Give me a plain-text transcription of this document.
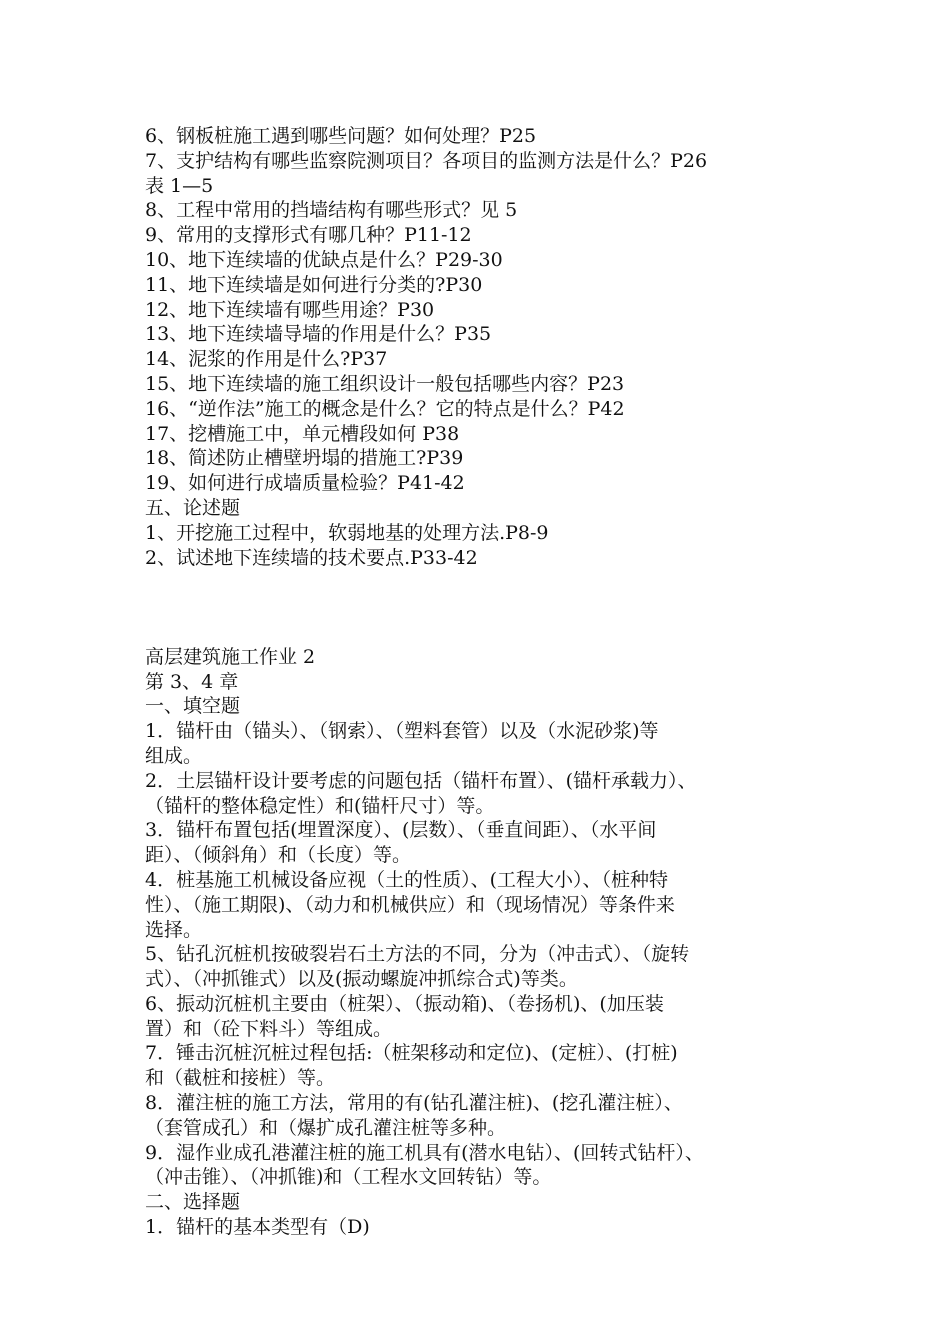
6、钢板桩施工遇到哪些问题？如何处理？P25
7、支护结构有哪些监察院测项目？各项目的监测方法是什么？P26
表 1—5
8、工程中常用的挡墙结构有哪些形式？见 5
9、常用的支撑形式有哪几种？P11-12
10、地下连续墙的优缺点是什么？P29-30
11、地下连续墙是如何进行分类的?P30
12、地下连续墙有哪些用途？P30
13、地下连续墙导墙的作用是什么？P35
14、泥浆的作用是什么?P37
15、地下连续墙的施工组织设计一般包括哪些内容？P23
16、“逆作法”施工的概念是什么？它的特点是什么？P42
17、挖槽施工中，单元槽段如何 P38
18、简述防止槽壁坍塌的措施工?P39
19、如何进行成墙质量检验？P41-42
五、论述题
1、开挖施工过程中，软弱地基的处理方法.P8-9
2、试述地下连续墙的技术要点.P33-42
高层建筑施工作业 2
第 3、4 章
一、填空题
1．锚杆由（锚头）、（钢索）、（塑料套管）以及（水泥砂浆)等
组成。
2．土层锚杆设计要考虑的问题包括（锚杆布置）、(锚杆承载力）、
（锚杆的整体稳定性）和(锚杆尺寸）等。
3．锚杆布置包括(埋置深度）、(层数）、（垂直间距）、（水平间
距）、（倾斜角）和（长度）等。
4．桩基施工机械设备应视（土的性质）、(工程大小）、（桩种特
性）、（施工期限)、（动力和机械供应）和（现场情况）等条件来
选择。
5、钻孔沉桩机按破裂岩石土方法的不同，分为（冲击式）、（旋转
式）、（冲抓锥式）以及(振动螺旋冲抓综合式)等类。
6、振动沉桩机主要由（桩架）、（振动箱)、（卷扬机)、(加压装
置）和（砼下料斗）等组成。
7．锤击沉桩沉桩过程包括:（桩架移动和定位)、(定桩）、(打桩)
和（截桩和接桩）等。
8．灌注桩的施工方法，常用的有(钻孔灌注桩)、(挖孔灌注桩）、
（套管成孔）和（爆扩成孔灌注桩等多种。
9．湿作业成孔港灌注桩的施工机具有(潜水电钻）、(回转式钻杆）、
（冲击锥）、（冲抓锥)和（工程水文回转钻）等。
二、选择题
1．锚杆的基本类型有（D)
